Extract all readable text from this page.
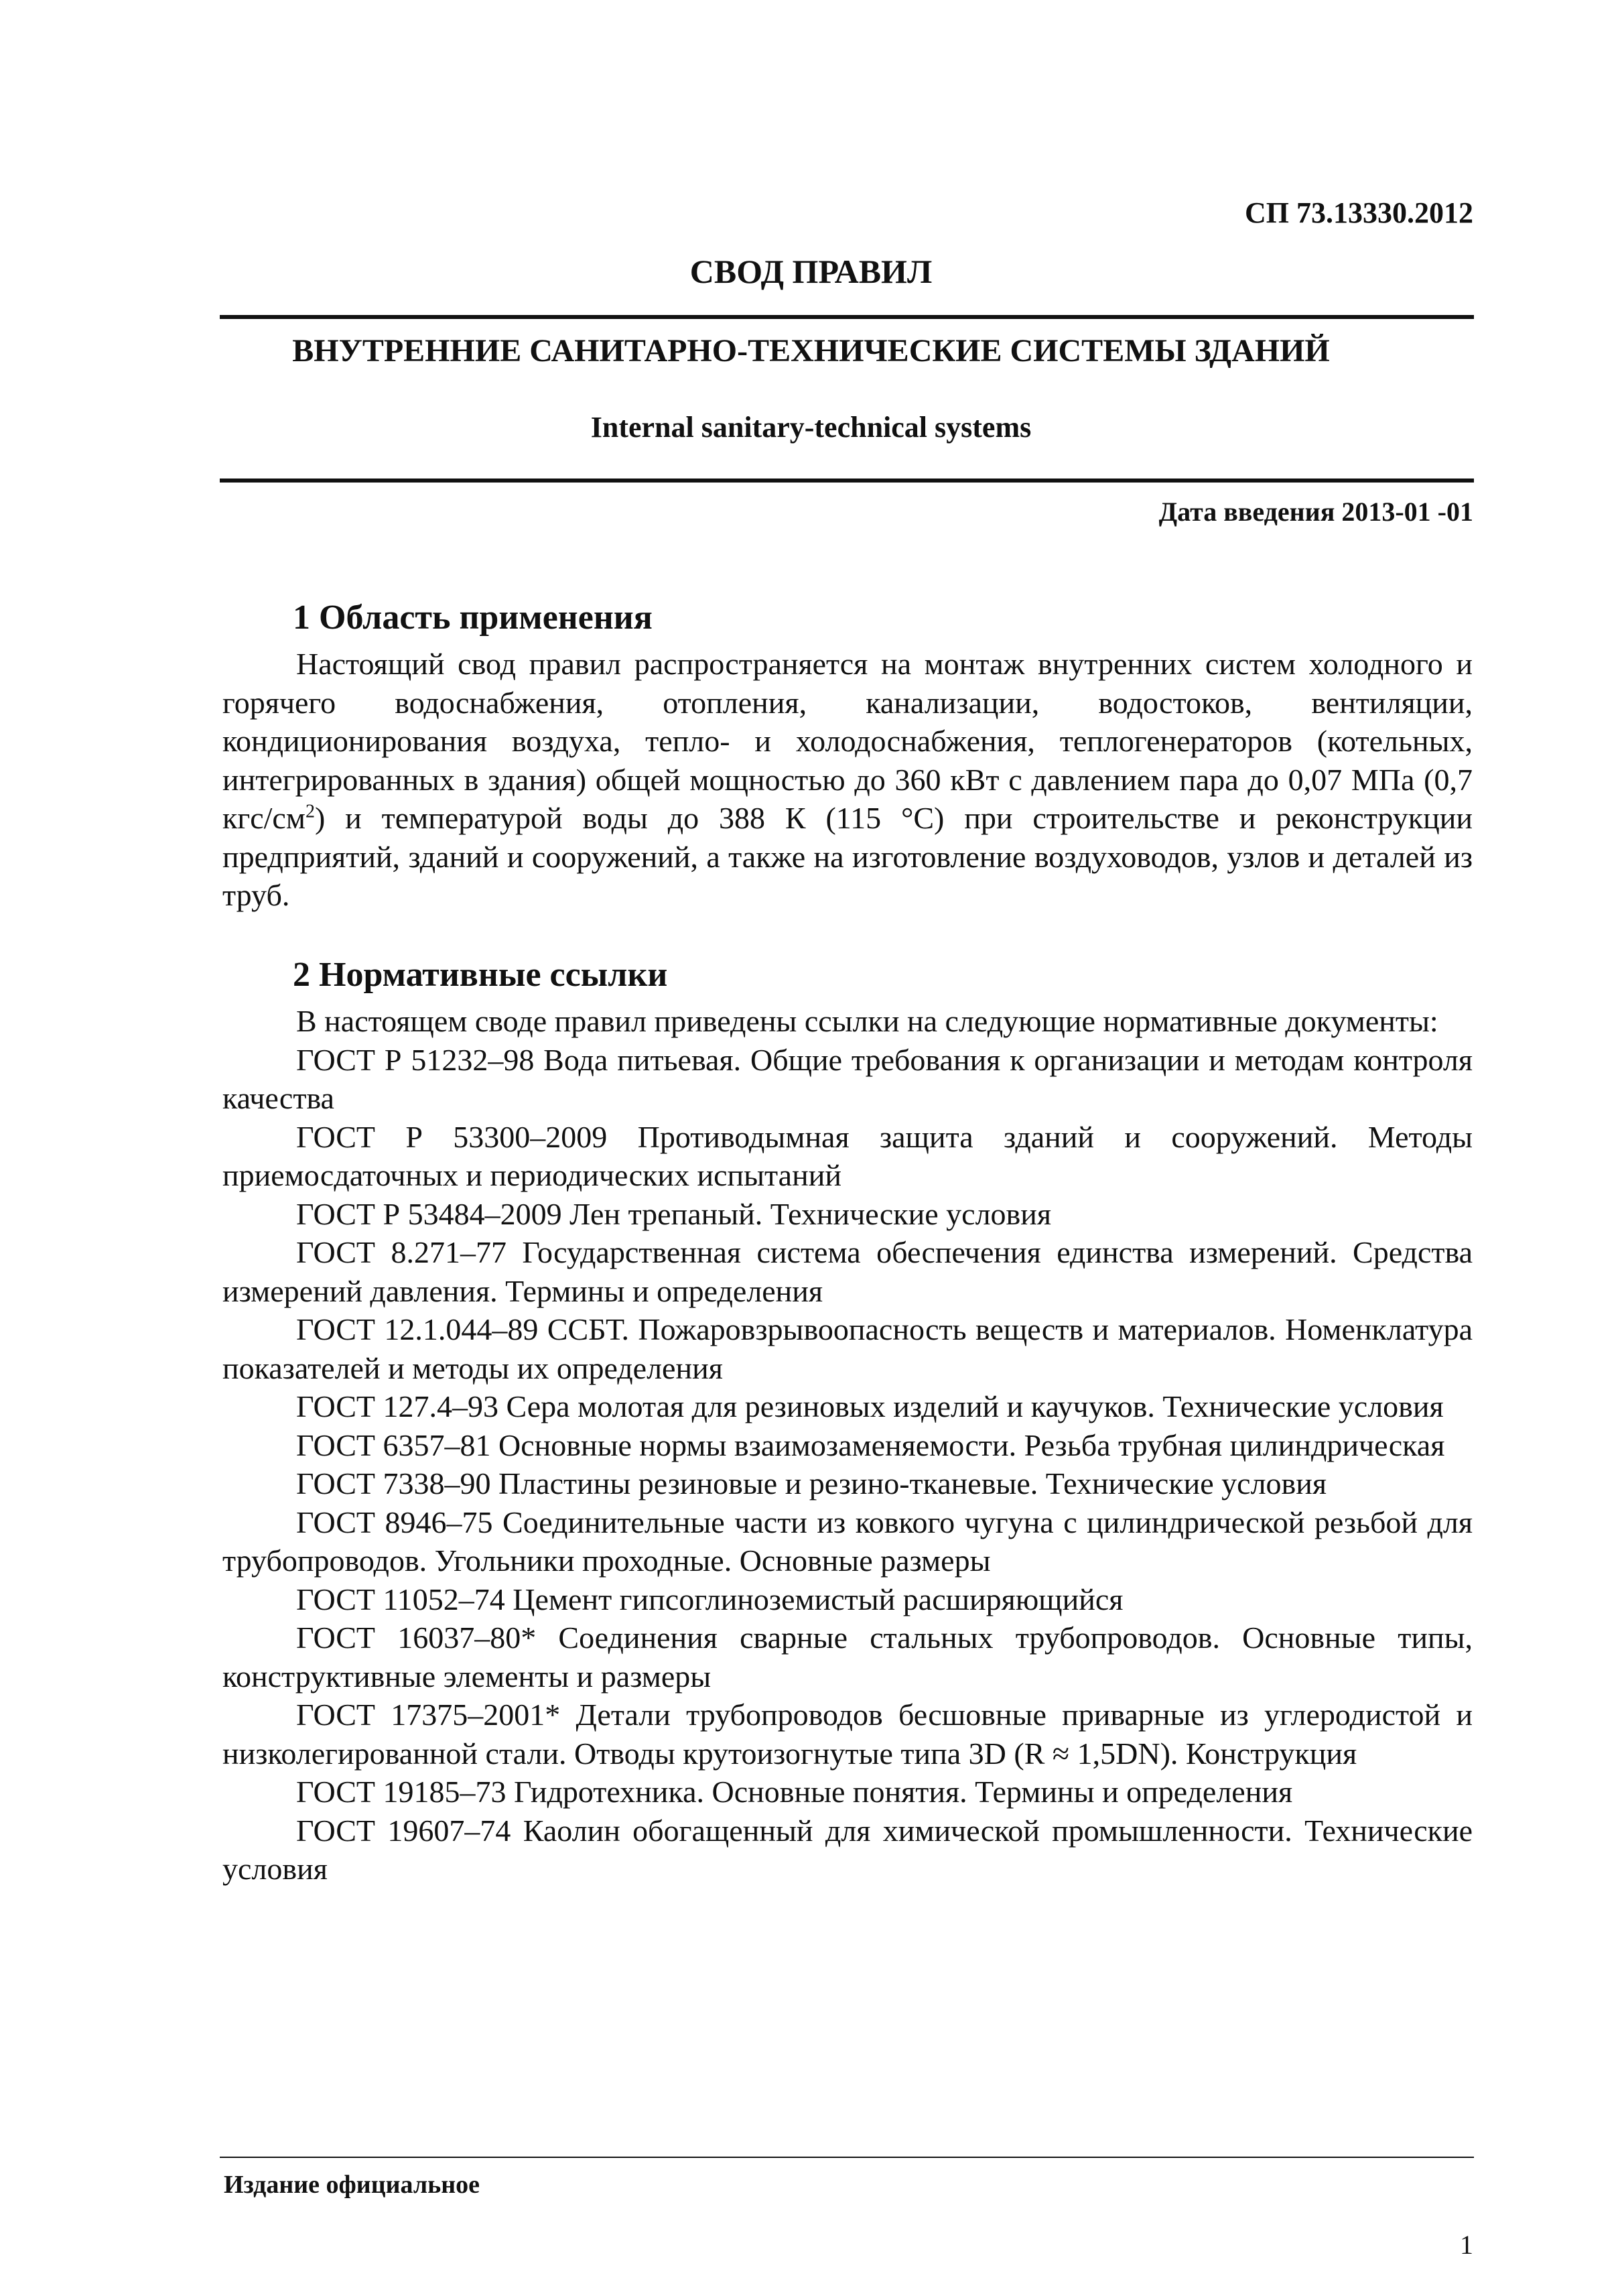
СП 73.13330.2012

СВОД ПРАВИЛ
ВНУТРЕННИЕ САНИТАРНО-ТЕХНИЧЕСКИЕ СИСТЕМЫ ЗДАНИЙ

Internal sanitary-technical systems

Дата введения 2013-01 -01

1 Область применения

Настоящий свод правил распространяется на монтаж внутренних систем холодного и горячего водоснабжения, отопления, канализации, водостоков, вентиляции, кондиционирования воздуха, тепло- и холодоснабжения, теплогенераторов (котельных, интегрированных в здания) общей мощностью до 360 кВт с давлением пара до 0,07 МПа (0,7 кгс/$см^2$) и температурой воды до 388 К (115 °С) при строительстве и реконструкции предприятий, зданий и сооружений, а также на изготовление воздуховодов, узлов и деталей из труб.

2 Нормативные ссылки

В настоящем своде правил приведены ссылки на следующие нормативные документы:

ГОСТ Р 51232–98 Вода питьевая. Общие требования к организации и методам контроля качества
ГОСТ Р 53300–2009 Противодымная защита зданий и сооружений. Методы приемосдаточных и периодических испытаний
ГОСТ Р 53484–2009 Лен трепаный. Технические условия
ГОСТ 8.271–77 Государственная система обеспечения единства измерений. Средства измерений давления. Термины и определения
ГОСТ 12.1.044–89 ССБТ. Пожаровзрывоопасность веществ и материалов. Номенклатура показателей и методы их определения
ГОСТ 127.4–93 Сера молотая для резиновых изделий и каучуков. Технические условия
ГОСТ 6357–81 Основные нормы взаимозаменяемости. Резьба трубная цилиндрическая
ГОСТ 7338–90 Пластины резиновые и резино-тканевые. Технические условия
ГОСТ 8946–75 Соединительные части из ковкого чугуна с цилиндрической резьбой для трубопроводов. Угольники проходные. Основные размеры
ГОСТ 11052–74 Цемент гипсоглиноземистый расширяющийся
ГОСТ 16037–80* Соединения сварные стальных трубопроводов. Основные типы, конструктивные элементы и размеры
ГОСТ 17375–2001* Детали трубопроводов бесшовные приварные из углеродистой и низколегированной стали. Отводы крутоизогнутые типа 3D (R ≈ 1,5DN). Конструкция
ГОСТ 19185–73 Гидротехника. Основные понятия. Термины и определения
ГОСТ 19607–74 Каолин обогащенный для химической промышленности. Технические условия

Издание официальное

1
